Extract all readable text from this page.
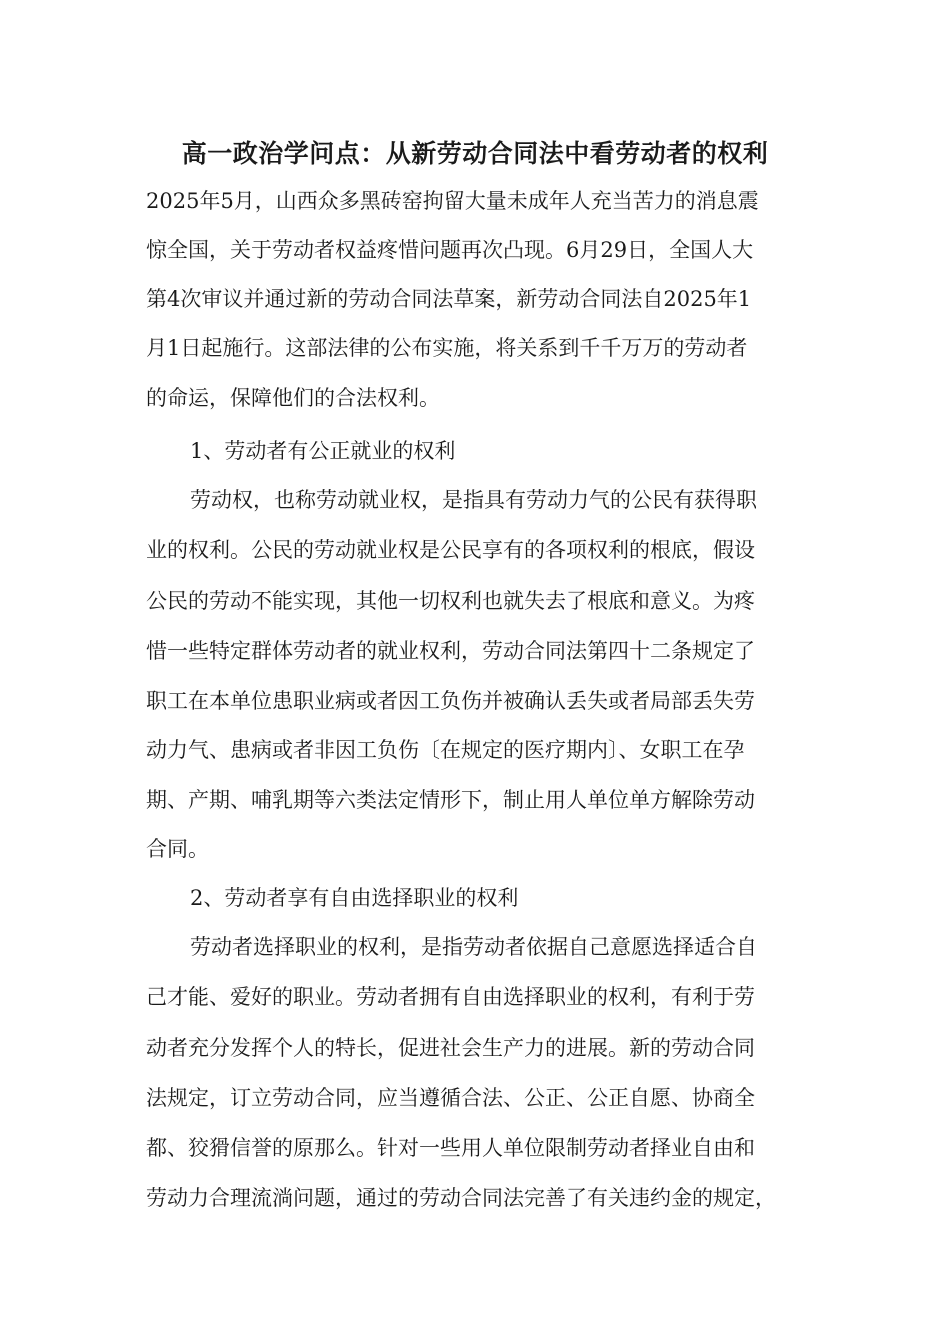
高一政治学问点：从新劳动合同法中看劳动者的权利
2025年5月，山西众多黑砖窑拘留大量未成年人充当苦力的消息震
惊全国，关于劳动者权益疼惜问题再次凸现。6月29日，全国人大
第4次审议并通过新的劳动合同法草案，新劳动合同法自2025年1
月1日起施行。这部法律的公布实施，将关系到千千万万的劳动者
的命运，保障他们的合法权利。
1、劳动者有公正就业的权利
劳动权，也称劳动就业权，是指具有劳动力气的公民有获得职
业的权利。公民的劳动就业权是公民享有的各项权利的根底，假设
公民的劳动不能实现，其他一切权利也就失去了根底和意义。为疼
惜一些特定群体劳动者的就业权利，劳动合同法第四十二条规定了
职工在本单位患职业病或者因工负伤并被确认丢失或者局部丢失劳
动力气、患病或者非因工负伤〔在规定的医疗期内〕、女职工在孕
期、产期、哺乳期等六类法定情形下，制止用人单位单方解除劳动
合同。
2、劳动者享有自由选择职业的权利
劳动者选择职业的权利，是指劳动者依据自己意愿选择适合自
己才能、爱好的职业。劳动者拥有自由选择职业的权利，有利于劳
动者充分发挥个人的特长，促进社会生产力的进展。新的劳动合同
法规定，订立劳动合同，应当遵循合法、公正、公正自愿、协商全
都、狡猾信誉的原那么。针对一些用人单位限制劳动者择业自由和
劳动力合理流淌问题，通过的劳动合同法完善了有关违约金的规定，
